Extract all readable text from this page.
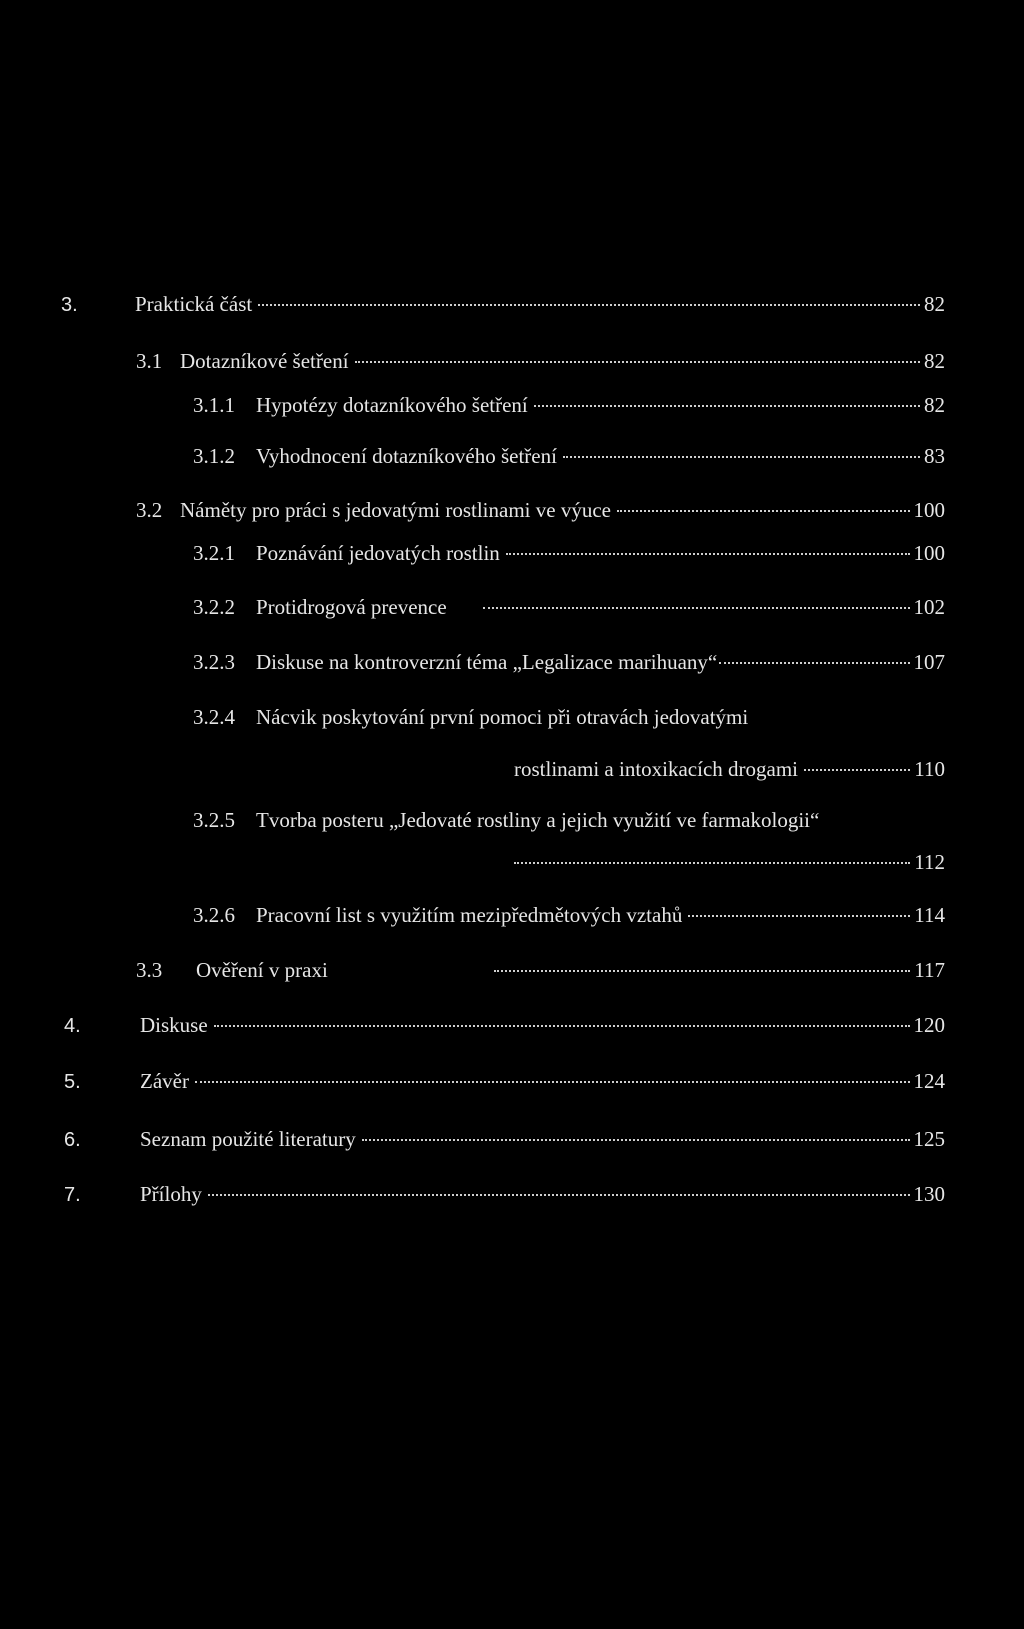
3.	Praktická část	82
3.1 Dotazníkové šetření	82
3.1.1	Hypotézy dotazníkového šetření	82
3.1.2	Vyhodnocení dotazníkového šetření	83
3.2 Náměty pro práci s jedovatými rostlinami ve výuce	100
3.2.1	Poznávání jedovatých rostlin	100
3.2.2	Protidrogová prevence	102
3.2.3	Diskuse na kontroverzní téma „Legalizace marihuany“	107
3.2.4 Nácvik poskytování první pomoci při otravách jedovatými
rostlinami a intoxikacích drogami	110
3.2.5 Tvorba posteru „Jedovaté rostliny a jejich využití ve farmakologii“
112
3.2.6	Pracovní list s využitím mezipředmětových vztahů	114
3.3	Ověření v praxi	117
4.	Diskuse	120
5.	Závěr	124
6.	Seznam použité literatury	125
7.	Přílohy	130
